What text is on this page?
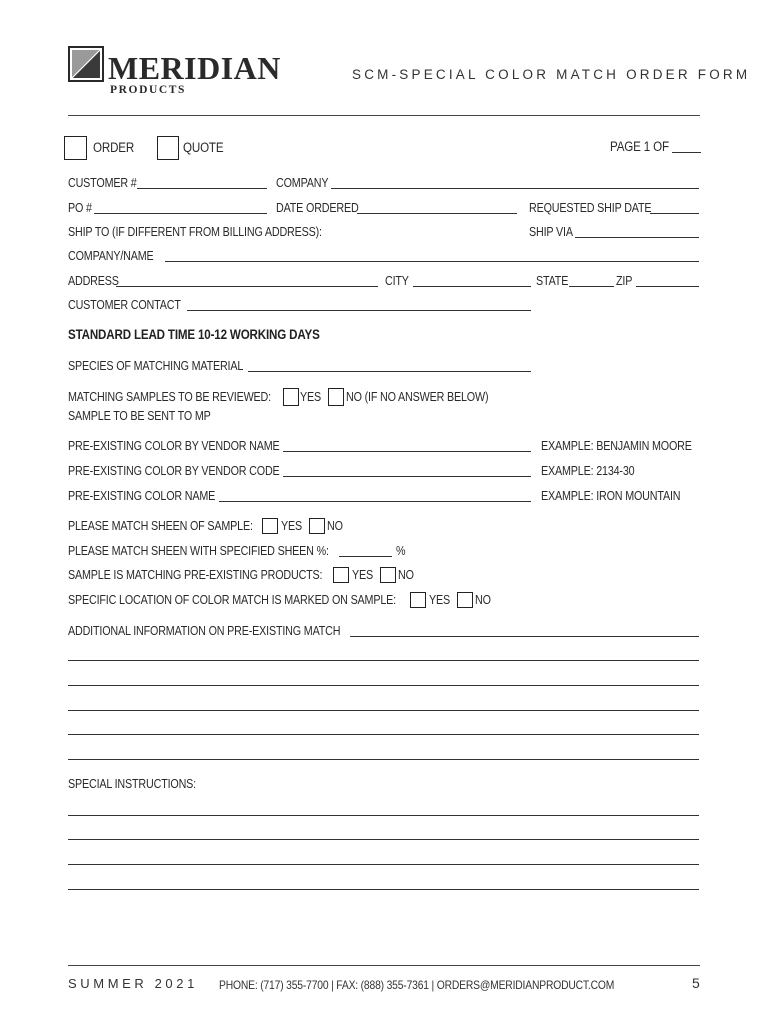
MERIDIAN
PRODUCTS
SCM-SPECIAL COLOR MATCH ORDER FORM
ORDER	QUOTE	PAGE 1 OF
CUSTOMER #	COMPANY
PO #	DATE ORDERED	REQUESTED SHIP DATE
SHIP TO (IF DIFFERENT FROM BILLING ADDRESS):	SHIP VIA
COMPANY/NAME
ADDRESS	CITY	STATE	ZIP
CUSTOMER CONTACT
STANDARD LEAD TIME 10-12 WORKING DAYS
SPECIES OF MATCHING MATERIAL
MATCHING SAMPLES TO BE REVIEWED: YES NO (IF NO ANSWER BELOW)
SAMPLE TO BE SENT TO MP
PRE-EXISTING COLOR BY VENDOR NAME	EXAMPLE: BENJAMIN MOORE
PRE-EXISTING COLOR BY VENDOR CODE	EXAMPLE: 2134-30
PRE-EXISTING COLOR NAME	EXAMPLE: IRON MOUNTAIN
PLEASE MATCH SHEEN OF SAMPLE: YES NO
PLEASE MATCH SHEEN WITH SPECIFIED SHEEN %:	%
SAMPLE IS MATCHING PRE-EXISTING PRODUCTS: YES NO
SPECIFIC LOCATION OF COLOR MATCH IS MARKED ON SAMPLE:	YES NO
ADDITIONAL INFORMATION ON PRE-EXISTING MATCH
SPECIAL INSTRUCTIONS:
SUMMER 2021 PHONE: (717) 355-7700 | FAX: (888) 355-7361 | ORDERS@MERIDIANPRODUCT.COM	5
